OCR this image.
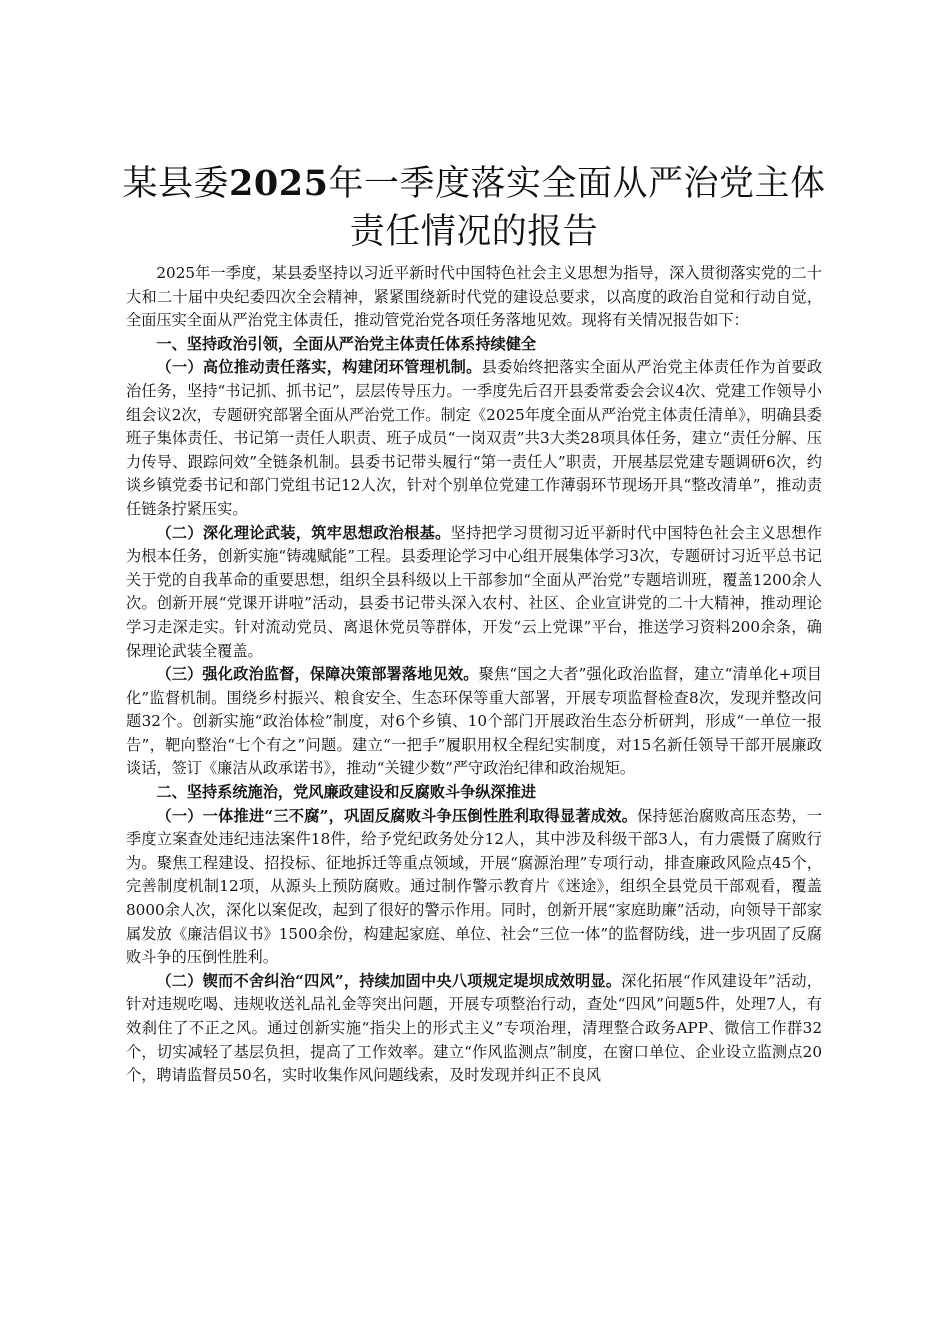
某县委2025年一季度落实全面从严治党主体
责任情况的报告

2025年一季度，某县委坚持以习近平新时代中国特色社会主义思想为指导，深入贯彻落实党的二十大和二十届中央纪委四次全会精神，紧紧围绕新时代党的建设总要求，以高度的政治自觉和行动自觉，全面压实全面从严治党主体责任，推动管党治党各项任务落地见效。现将有关情况报告如下：

一、坚持政治引领，全面从严治党主体责任体系持续健全

（一）高位推动责任落实，构建闭环管理机制。县委始终把落实全面从严治党主体责任作为首要政治任务，坚持“书记抓、抓书记”，层层传导压力。一季度先后召开县委常委会会议4次、党建工作领导小组会议2次，专题研究部署全面从严治党工作。制定《2025年度全面从严治党主体责任清单》，明确县委班子集体责任、书记第一责任人职责、班子成员“一岗双责”共3大类28项具体任务，建立“责任分解、压力传导、跟踪问效”全链条机制。县委书记带头履行“第一责任人”职责，开展基层党建专题调研6次，约谈乡镇党委书记和部门党组书记12人次，针对个别单位党建工作薄弱环节现场开具“整改清单”，推动责任链条拧紧压实。

（二）深化理论武装，筑牢思想政治根基。坚持把学习贯彻习近平新时代中国特色社会主义思想作为根本任务，创新实施“铸魂赋能”工程。县委理论学习中心组开展集体学习3次，专题研讨习近平总书记关于党的自我革命的重要思想，组织全县科级以上干部参加“全面从严治党”专题培训班，覆盖1200余人次。创新开展“党课开讲啦”活动，县委书记带头深入农村、社区、企业宣讲党的二十大精神，推动理论学习走深走实。针对流动党员、离退休党员等群体，开发“云上党课”平台，推送学习资料200余条，确保理论武装全覆盖。

（三）强化政治监督，保障决策部署落地见效。聚焦“国之大者”强化政治监督，建立“清单化+项目化”监督机制。围绕乡村振兴、粮食安全、生态环保等重大部署，开展专项监督检查8次，发现并整改问题32个。创新实施“政治体检”制度，对6个乡镇、10个部门开展政治生态分析研判，形成“一单位一报告”，靶向整治“七个有之”问题。建立“一把手”履职用权全程纪实制度，对15名新任领导干部开展廉政谈话，签订《廉洁从政承诺书》，推动“关键少数”严守政治纪律和政治规矩。

二、坚持系统施治，党风廉政建设和反腐败斗争纵深推进

（一）一体推进“三不腐”，巩固反腐败斗争压倒性胜利取得显著成效。保持惩治腐败高压态势，一季度立案查处违纪违法案件18件，给予党纪政务处分12人，其中涉及科级干部3人，有力震慑了腐败行为。聚焦工程建设、招投标、征地拆迁等重点领域，开展“腐源治理”专项行动，排查廉政风险点45个，完善制度机制12项，从源头上预防腐败。通过制作警示教育片《迷途》，组织全县党员干部观看，覆盖8000余人次，深化以案促改，起到了很好的警示作用。同时，创新开展“家庭助廉”活动，向领导干部家属发放《廉洁倡议书》1500余份，构建起家庭、单位、社会“三位一体”的监督防线，进一步巩固了反腐败斗争的压倒性胜利。

（二）锲而不舍纠治“四风”，持续加固中央八项规定堤坝成效明显。深化拓展“作风建设年”活动，针对违规吃喝、违规收送礼品礼金等突出问题，开展专项整治行动，查处“四风”问题5件，处理7人，有效刹住了不正之风。通过创新实施“指尖上的形式主义”专项治理，清理整合政务APP、微信工作群32个，切实减轻了基层负担，提高了工作效率。建立“作风监测点”制度，在窗口单位、企业设立监测点20个，聘请监督员50名，实时收集作风问题线索，及时发现并纠正不良风
